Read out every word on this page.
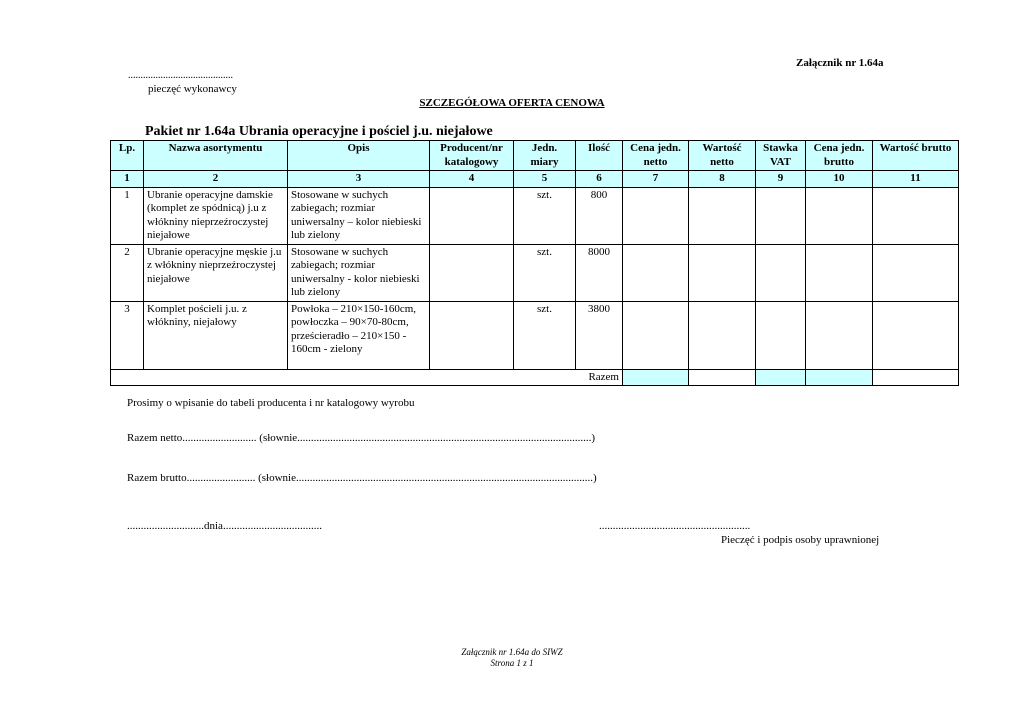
Załącznik nr 1.64a
..........................................
pieczęć wykonawcy
SZCZEGÓŁOWA OFERTA CENOWA
Pakiet nr 1.64a Ubrania operacyjne i pościel j.u. niejałowe
Lp.	Nazwa asortymentu	Opis	Producent/nr katalogowy	Jedn. miary	Ilość	Cena jedn. netto	Wartość netto	Stawka VAT	Cena jedn. brutto	Wartość brutto
1	2	3	4	5	6	7	8	9	10	11
1	Ubranie operacyjne damskie (komplet ze spódnicą) j.u z włókniny nieprzeźroczystej niejałowe	Stosowane w suchych zabiegach; rozmiar uniwersalny – kolor niebieski lub zielony		szt.	800					
2	Ubranie operacyjne męskie j.u z włókniny nieprzeźroczystej niejałowe	Stosowane w suchych zabiegach; rozmiar uniwersalny - kolor niebieski lub zielony		szt.	8000					
3	Komplet pościeli j.u. z włókniny, niejałowy	Powłoka – 210×150-160cm, powłoczka – 90×70-80cm, prześcieradło – 210×150 - 160cm - zielony		szt.	3800					
Razem										
Prosimy o wpisanie do tabeli producenta i nr katalogowy wyrobu
Razem netto........................... (słownie...........................................................................................................)
Razem brutto......................... (słownie............................................................................................................)
............................dnia....................................	.......................................................
Pieczęć i podpis osoby uprawnionej
Załącznik nr 1.64a do SIWZ
Strona 1 z 1
